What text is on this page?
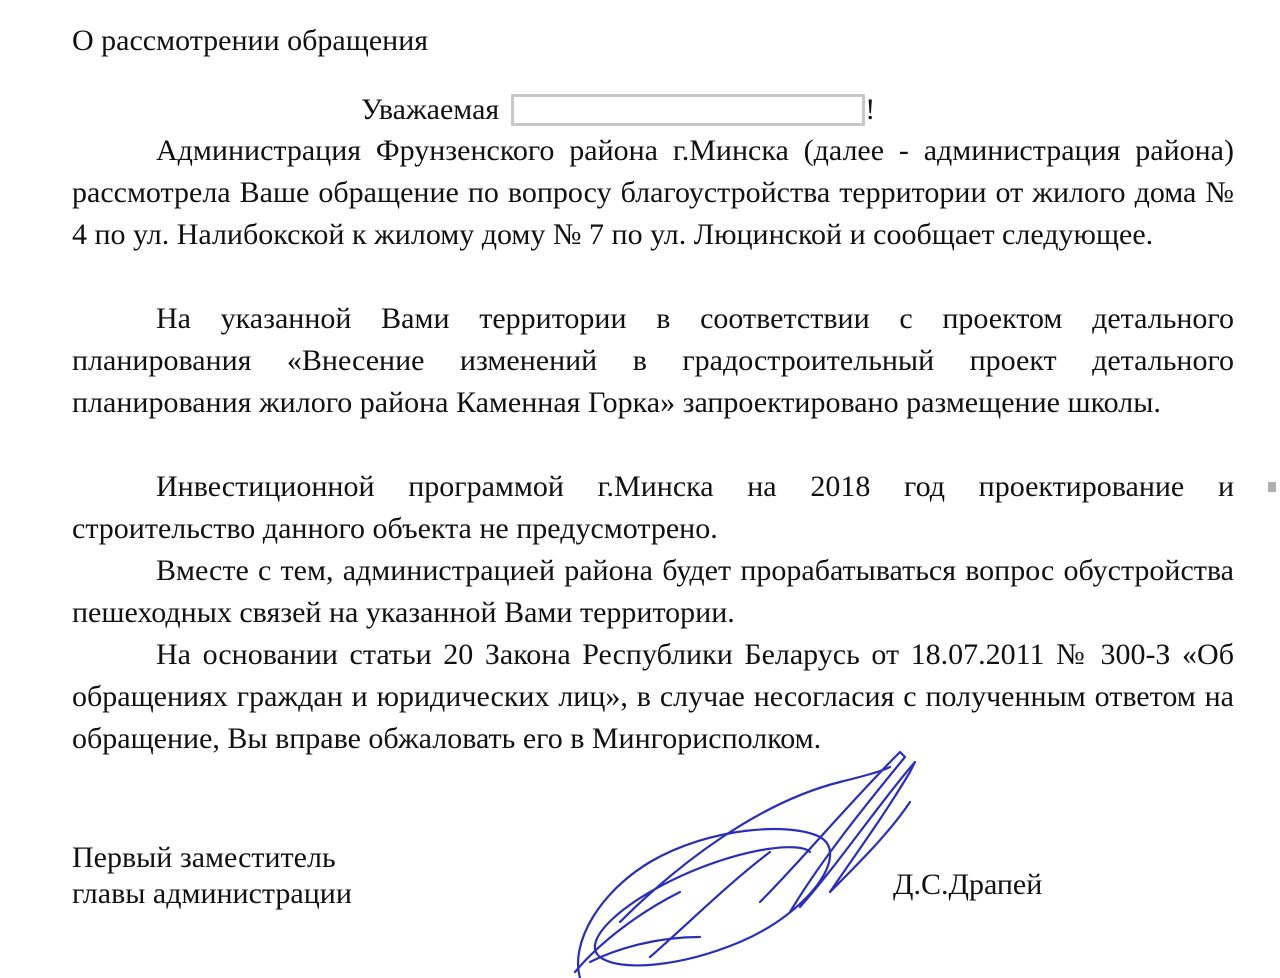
О рассмотрении обращения

Уважаемая	!

Администрация Фрунзенского района г.Минска (далее - администрация района) рассмотрела Ваше обращение по вопросу благоустройства территории от жилого дома № 4 по ул. Налибокской к жилому дому № 7 по ул. Люцинской и сообщает следующее.

На указанной Вами территории в соответствии с проектом детального планирования «Внесение изменений в градостроительный проект детального планирования жилого района Каменная Горка» запроектировано размещение школы.

Инвестиционной программой г.Минска на 2018 год проектирование и строительство данного объекта не предусмотрено.

Вместе с тем, администрацией района будет прорабатываться вопрос обустройства пешеходных связей на указанной Вами территории.

На основании статьи 20 Закона Республики Беларусь от 18.07.2011 № 300-З «Об обращениях граждан и юридических лиц», в случае несогласия с полученным ответом на обращение, Вы вправе обжаловать его в Мингорисполком.

Первый заместитель
главы администрации	Д.С.Драпей
